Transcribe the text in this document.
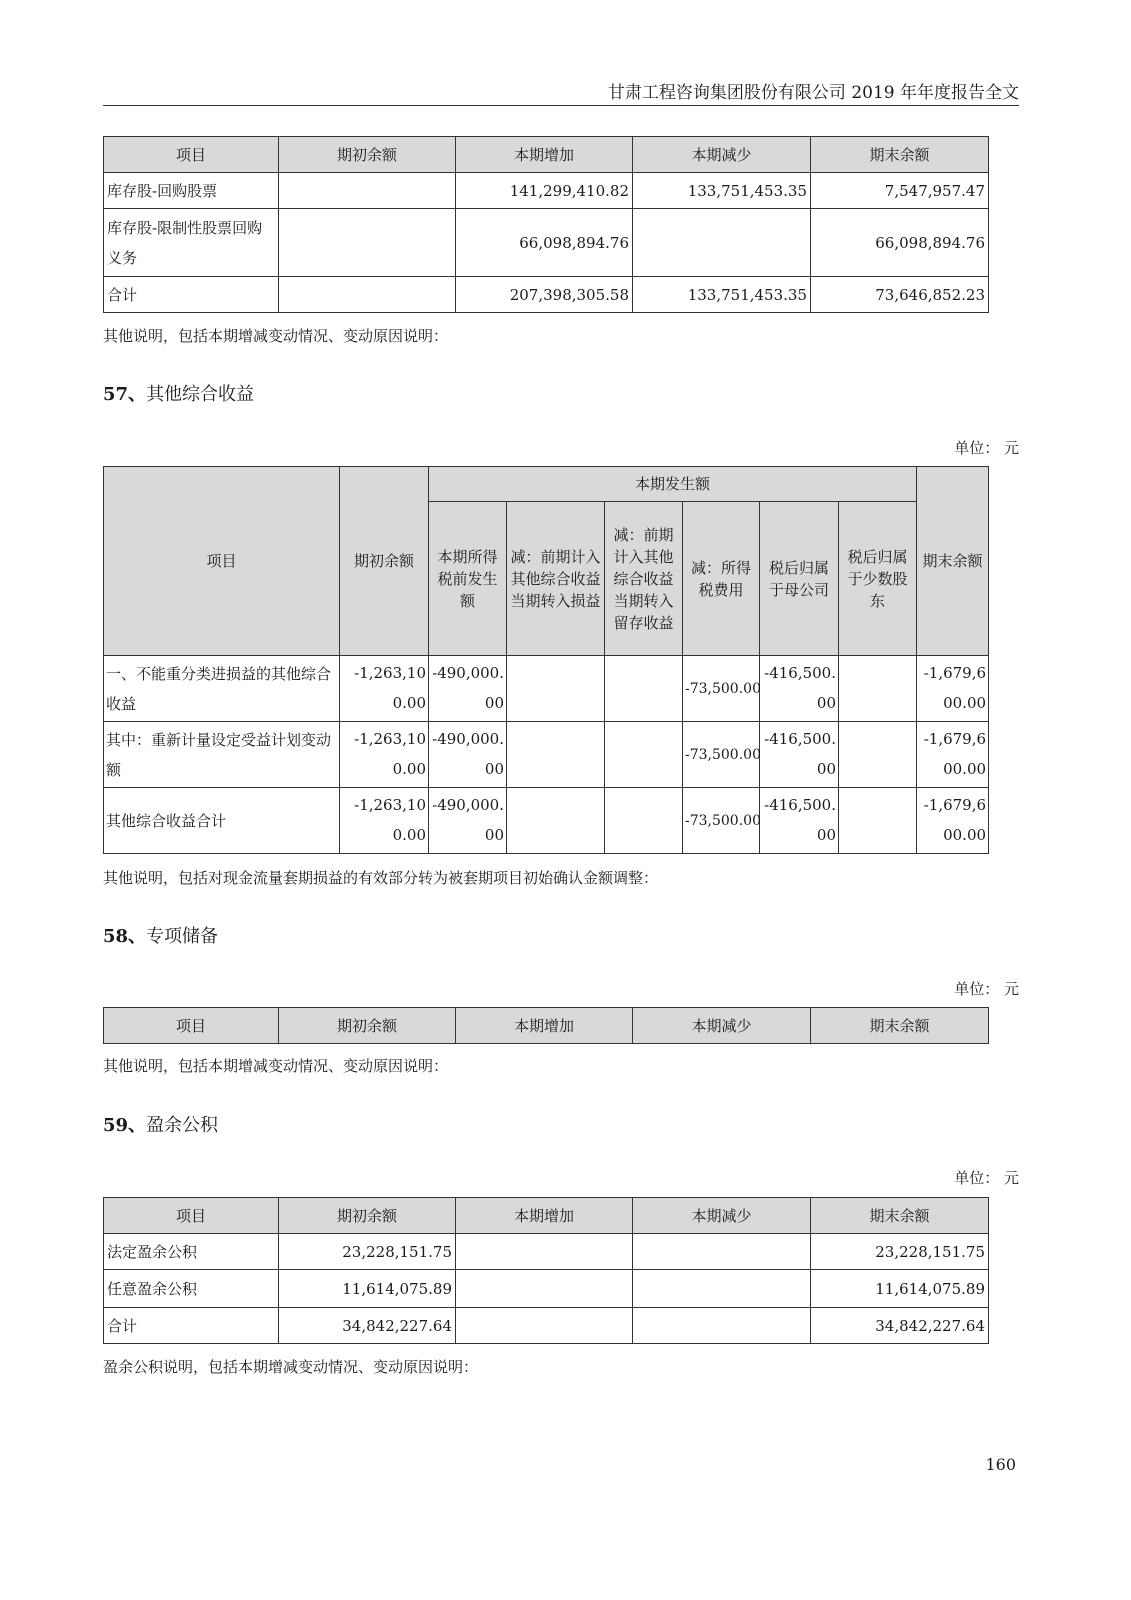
甘肃工程咨询集团股份有限公司 2019 年年度报告全文
项目	期初余额	本期增加	本期减少	期末余额
库存股-回购股票		141,299,410.82	133,751,453.35	7,547,957.47
库存股-限制性股票回购义务		66,098,894.76		66,098,894.76
合计		207,398,305.58	133,751,453.35	73,646,852.23
其他说明，包括本期增减变动情况、变动原因说明：
57、其他综合收益
单位： 元
项目	期初余额	本期发生额						期末余额
		本期所得税前发生额	减：前期计入其他综合收益当期转入损益	减：前期计入其他综合收益当期转入留存收益	减：所得税费用	税后归属于母公司	税后归属于少数股东	
一、不能重分类进损益的其他综合收益	-1,263,100.00	-490,000.00			-73,500.00	-416,500.00		-1,679,600.00
其中：重新计量设定受益计划变动额	-1,263,100.00	-490,000.00			-73,500.00	-416,500.00		-1,679,600.00
其他综合收益合计	-1,263,100.00	-490,000.00			-73,500.00	-416,500.00		-1,679,600.00
其他说明，包括对现金流量套期损益的有效部分转为被套期项目初始确认金额调整：
58、专项储备
单位： 元
项目	期初余额	本期增加	本期减少	期末余额
其他说明，包括本期增减变动情况、变动原因说明：
59、盈余公积
单位： 元
项目	期初余额	本期增加	本期减少	期末余额
法定盈余公积	23,228,151.75			23,228,151.75
任意盈余公积	11,614,075.89			11,614,075.89
合计	34,842,227.64			34,842,227.64
盈余公积说明，包括本期增减变动情况、变动原因说明：
160
